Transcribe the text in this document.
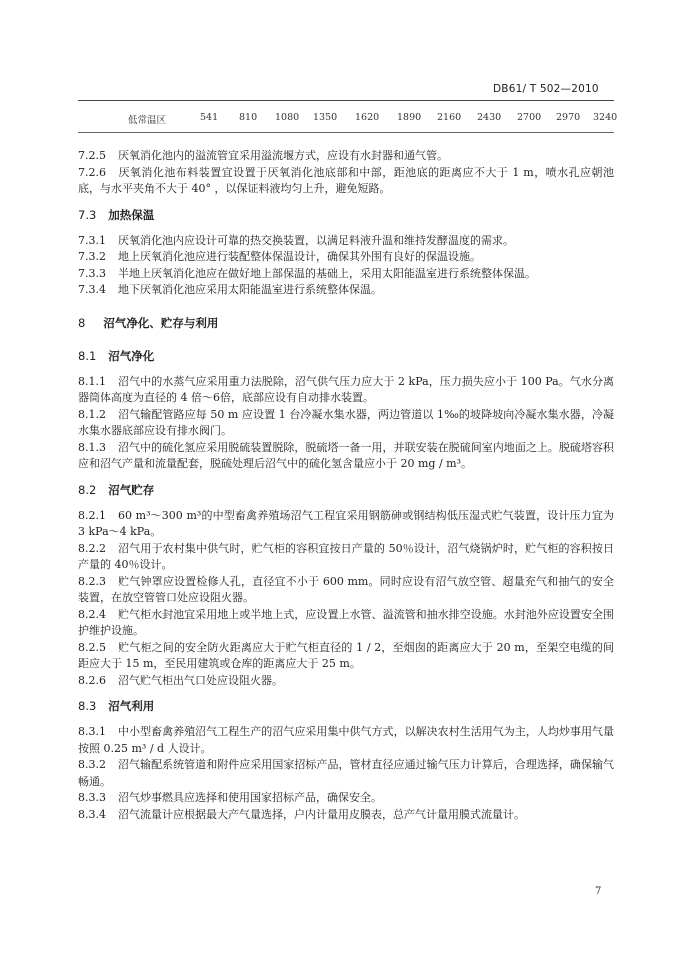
DB61/ T 502—2010
低常温区	541 810 1080 1350 1620 1890 2160 2430 2700 2970 3240

7.2.5 厌氧消化池内的溢流管宜采用溢流堰方式，应设有水封器和通气管。

7.2.6 厌氧消化池布料装置宜设置于厌氧消化池底部和中部，距池底的距离应不大于 1 m，喷水孔应朝池底，与水平夹角不大于 40° ，以保证料液均匀上升，避免短路。

7.3 加热保温

7.3.1 厌氧消化池内应设计可靠的热交换装置，以满足料液升温和维持发酵温度的需求。

7.3.2 地上厌氧消化池应进行装配整体保温设计，确保其外围有良好的保温设施。

7.3.3 半地上厌氧消化池应在做好地上部保温的基础上，采用太阳能温室进行系统整体保温。

7.3.4 地下厌氧消化池应采用太阳能温室进行系统整体保温。

8 沼气净化、贮存与利用

8.1 沼气净化

8.1.1 沼气中的水蒸气应采用重力法脱除，沼气供气压力应大于 2 kPa，压力损失应小于 100 Pa。气水分离器筒体高度为直径的 4 倍～6倍，底部应设有自动排水装置。

8.1.2 沼气输配管路应每 50 m 应设置 1 台冷凝水集水器，两边管道以 1‰的坡降坡向冷凝水集水器，冷凝水集水器底部应设有排水阀门。

8.1.3 沼气中的硫化氢应采用脱硫装置脱除，脱硫塔一备一用，并联安装在脱硫间室内地面之上。脱硫塔容积应和沼气产量和流量配套，脱硫处理后沼气中的硫化氢含量应小于 20 mg / m³。

8.2 沼气贮存

8.2.1 60 m³～300 m³的中型畜禽养殖场沼气工程宜采用钢筋砷或钢结构低压湿式贮气装置，设计压力宜为 3 kPa～4 kPa。

8.2.2 沼气用于农村集中供气时，贮气柜的容积宜按日产量的 50％设计，沼气烧锅炉时，贮气柜的容积按日产量的 40％设计。

8.2.3 贮气钟罩应设置检修人孔，直径宜不小于 600 mm。同时应设有沼气放空管、超量充气和抽气的安全装置，在放空管管口处应设阻火器。

8.2.4 贮气柜水封池宜采用地上或半地上式，应设置上水管、溢流管和抽水排空设施。水封池外应设置安全围护维护设施。

8.2.5 贮气柜之间的安全防火距离应大于贮气柜直径的 1 / 2，至烟囱的距离应大于 20 m，至架空电缆的间距应大于 15 m，至民用建筑或仓库的距离应大于 25 m。

8.2.6 沼气贮气柜出气口处应设阻火器。

8.3 沼气利用

8.3.1 中小型畜禽养殖沼气工程生产的沼气应采用集中供气方式，以解决农村生活用气为主，人均炒事用气量按照 0.25 m³ / d 人设计。

8.3.2 沼气输配系统管道和附件应采用国家招标产品，管材直径应通过输气压力计算后，合理选择，确保输气畅通。

8.3.3 沼气炒事燃具应选择和使用国家招标产品，确保安全。

8.3.4 沼气流量计应根据最大产气量选择，户内计量用皮膜表，总产气计量用膜式流量计。

7
